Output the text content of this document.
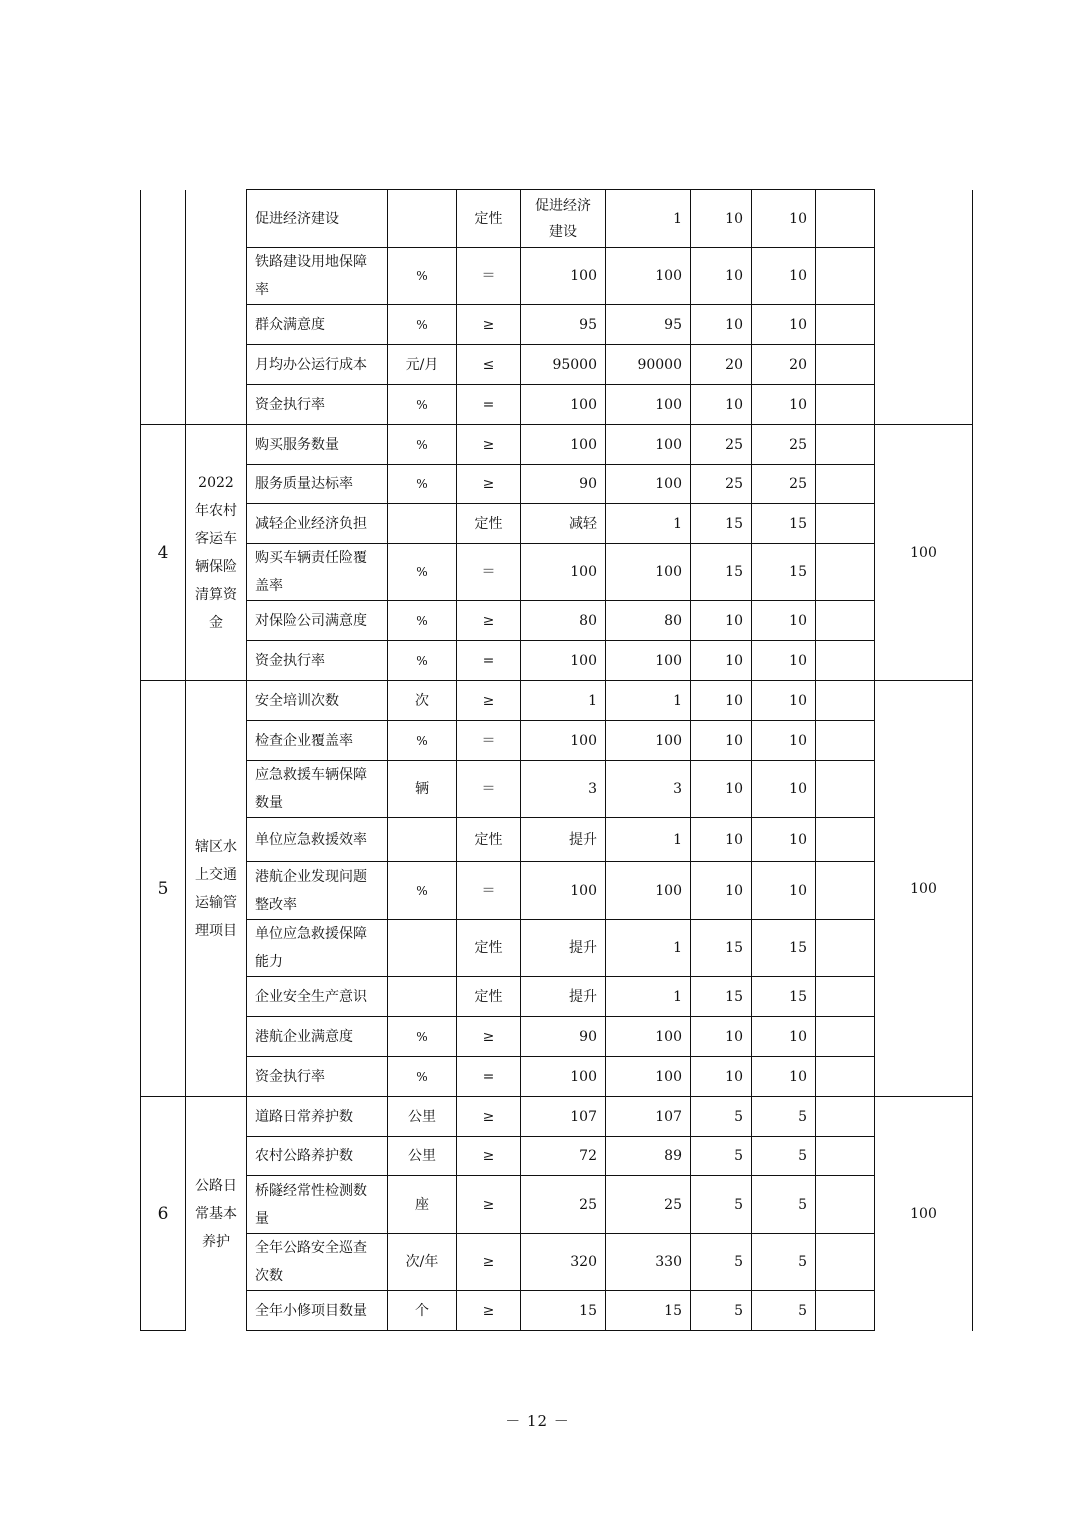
		促进经济建设		定性	促进经济建设	1	10	10		
		铁路建设用地保障率	%	＝	100	100	10	10		
		群众满意度	%	≥	95	95	10	10		
		月均办公运行成本	元/月	≤	95000	90000	20	20		
		资金执行率	%	=	100	100	10	10		
4	2022年农村客运车辆保险清算资金	购买服务数量	%	≥	100	100	25	25		100
		服务质量达标率	%	≥	90	100	25	25		
		减轻企业经济负担		定性	减轻	1	15	15		
		购买车辆责任险覆盖率	%	＝	100	100	15	15		
		对保险公司满意度	%	≥	80	80	10	10		
		资金执行率	%	=	100	100	10	10		
5	辖区水上交通运输管理项目	安全培训次数	次	≥	1	1	10	10		100
		检查企业覆盖率	%	＝	100	100	10	10		
		应急救援车辆保障数量	辆	＝	3	3	10	10		
		单位应急救援效率		定性	提升	1	10	10		
		港航企业发现问题整改率	%	＝	100	100	10	10		
		单位应急救援保障能力		定性	提升	1	15	15		
		企业安全生产意识		定性	提升	1	15	15		
		港航企业满意度	%	≥	90	100	10	10		
		资金执行率	%	=	100	100	10	10		
6	公路日常基本养护	道路日常养护数	公里	≥	107	107	5	5		100
		农村公路养护数	公里	≥	72	89	5	5		
		桥隧经常性检测数量	座	≥	25	25	5	5		
		全年公路安全巡查次数	次/年	≥	320	330	5	5		
		全年小修项目数量	个	≥	15	15	5	5		
－ 12 －
